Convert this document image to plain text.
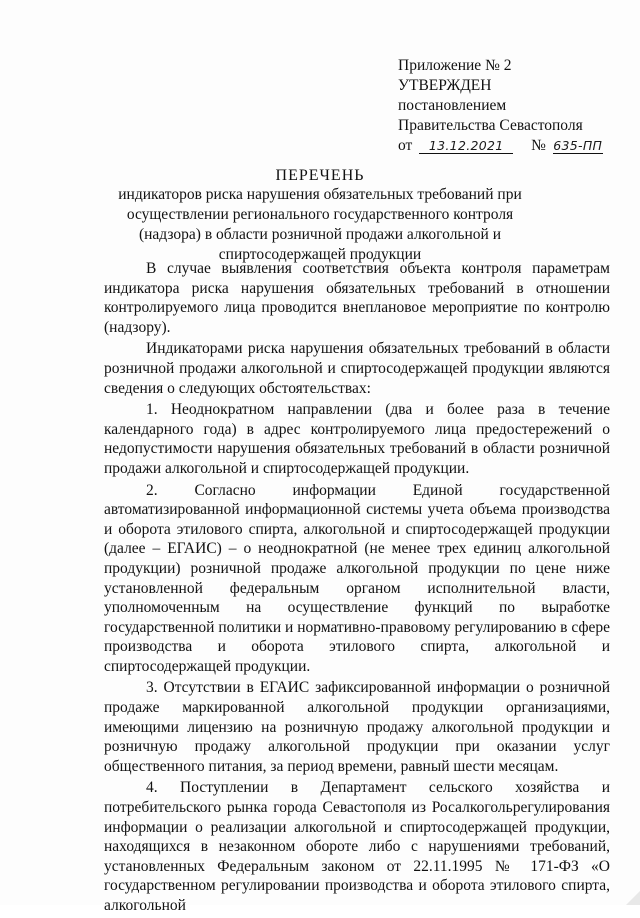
Приложение № 2
УТВЕРЖДЕН
постановлением
Правительства Севастополя
от 13.12.2021 № 635-ПП
ПЕРЕЧЕНЬ
индикаторов риска нарушения обязательных требований при осуществлении регионального государственного контроля (надзора) в области розничной продажи алкогольной и спиртосодержащей продукции

В случае выявления соответствия объекта контроля параметрам индикатора риска нарушения обязательных требований в отношении контролируемого лица проводится внеплановое мероприятие по контролю (надзору).

Индикаторами риска нарушения обязательных требований в области розничной продажи алкогольной и спиртосодержащей продукции являются сведения о следующих обстоятельствах:

1. Неоднократном направлении (два и более раза в течение календарного года) в адрес контролируемого лица предостережений о недопустимости нарушения обязательных требований в области розничной продажи алкогольной и спиртосодержащей продукции.

2. Согласно информации Единой государственной автоматизированной информационной системы учета объема производства и оборота этилового спирта, алкогольной и спиртосодержащей продукции (далее – ЕГАИС) – о неоднократной (не менее трех единиц алкогольной продукции) розничной продаже алкогольной продукции по цене ниже установленной федеральным органом исполнительной власти, уполномоченным на осуществление функций по выработке государственной политики и нормативно-правовому регулированию в сфере производства и оборота этилового спирта, алкогольной и спиртосодержащей продукции.

3. Отсутствии в ЕГАИС зафиксированной информации о розничной продаже маркированной алкогольной продукции организациями, имеющими лицензию на розничную продажу алкогольной продукции и розничную продажу алкогольной продукции при оказании услуг общественного питания, за период времени, равный шести месяцам.

4. Поступлении в Департамент сельского хозяйства и потребительского рынка города Севастополя из Росалкогольрегулирования информации о реализации алкогольной и спиртосодержащей продукции, находящихся в незаконном обороте либо с нарушениями требований, установленных Федеральным законом от 22.11.1995 № 171-ФЗ «О государственном регулировании производства и оборота этилового спирта, алкогольной
